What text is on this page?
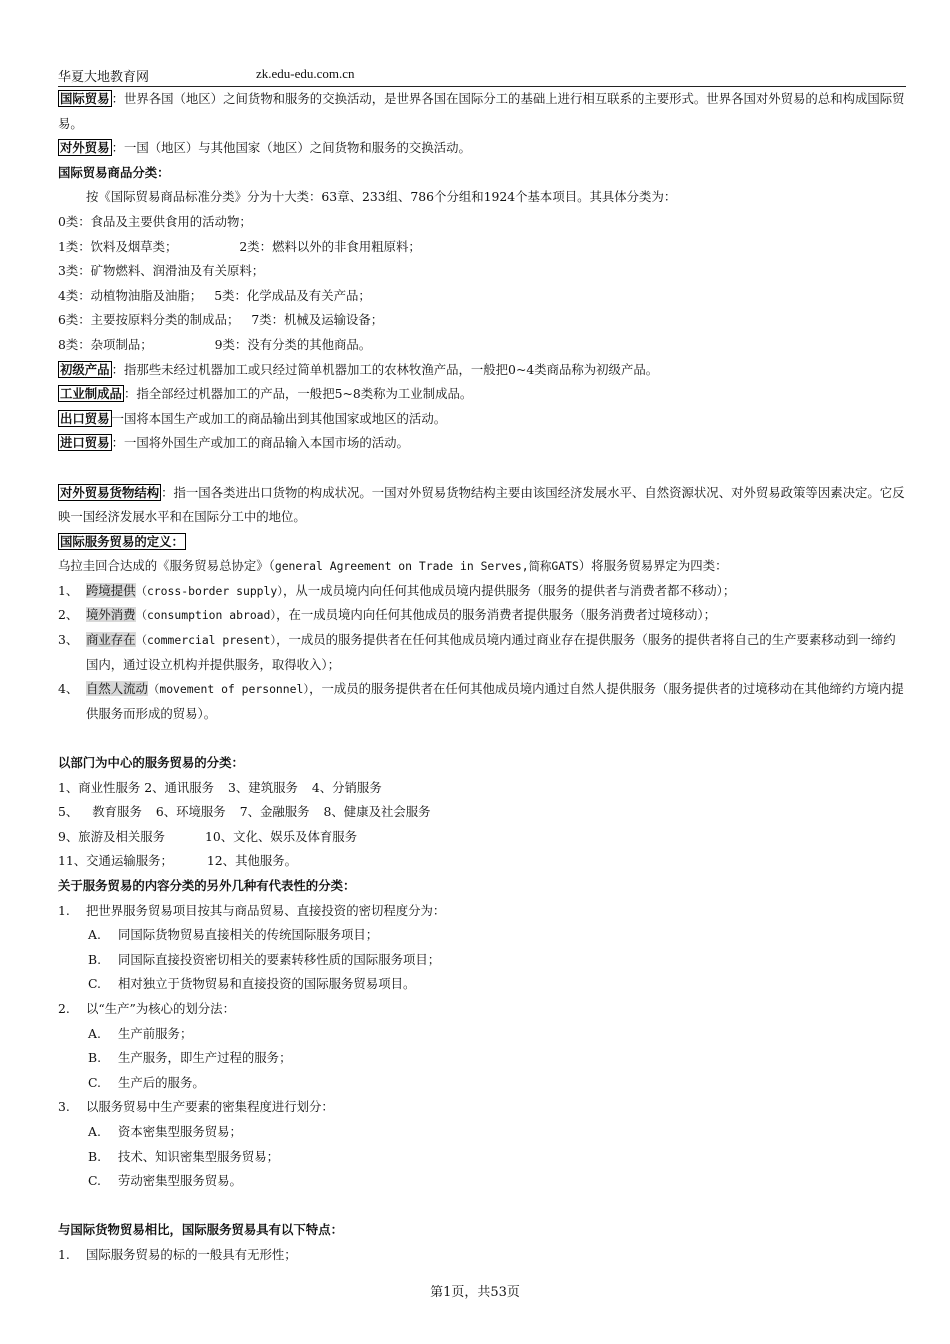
华夏大地教育网	zk.edu-edu.com.cn
国际贸易 ：世界各国（地区）之间货物和服务的交换活动，是世界各国在国际分工的基础上进行相互联系的主要形式。世界各国对外贸易的总和构成国际贸易。
对外贸易 ：一国（地区）与其他国家（地区）之间货物和服务的交换活动。
国际贸易商品分类：
按《国际贸易商品标准分类》分为十大类：63章、233组、786个分组和1924个基本项目。其具体分类为：
0类：食品及主要供食用的活动物；
1类：饮料及烟草类；	2类：燃料以外的非食用粗原料；
3类：矿物燃料、润滑油及有关原料；
4类：动植物油脂及油脂； 5类：化学成品及有关产品；
6类：主要按原料分类的制成品； 7类：机械及运输设备；
8类：杂项制品；	9类：没有分类的其他商品。
初级产品 ：指那些未经过机器加工或只经过简单机器加工的农林牧渔产品，一般把0~4类商品称为初级产品。
工业制成品 ：指全部经过机器加工的产品，一般把5~8类称为工业制成品。
出口贸易 一国将本国生产或加工的商品输出到其他国家或地区的活动。
进口贸易 ：一国将外国生产或加工的商品输入本国市场的活动。
对外贸易货物结构 ：指一国各类进出口货物的构成状况。一国对外贸易货物结构主要由该国经济发展水平、自然资源状况、对外贸易政策等因素决定。它反映一国经济发展水平和在国际分工中的地位。
国际服务贸易的定义：
乌拉圭回合达成的《服务贸易总协定》（general Agreement on Trade in Serves,简称GATS）将服务贸易界定为四类：
1、 跨境提供（cross-border supply），从一成员境内向任何其他成员境内提供服务（服务的提供者与消费者都不移动）；
2、 境外消费（consumption abroad），在一成员境内向任何其他成员的服务消费者提供服务（服务消费者过境移动）；
3、 商业存在（commercial present），一成员的服务提供者在任何其他成员境内通过商业存在提供服务（服务的提供者将自己的生产要素移动到一缔约国内，通过设立机构并提供服务，取得收入）；
4、 自然人流动（movement of personnel），一成员的服务提供者在任何其他成员境内通过自然人提供服务（服务提供者的过境移动在其他缔约方境内提供服务而形成的贸易）。
以部门为中心的服务贸易的分类：
1、商业性服务 2、通讯服务 3、建筑服务 4、分销服务
5、 教育服务 6、环境服务 7、金融服务 8、健康及社会服务
9、旅游及相关服务	10、文化、娱乐及体育服务
11、交通运输服务；	12、其他服务。
关于服务贸易的内容分类的另外几种有代表性的分类：
1.	把世界服务贸易项目按其与商品贸易、直接投资的密切程度分为：
A. 同国际货物贸易直接相关的传统国际服务项目；
B. 同国际直接投资密切相关的要素转移性质的国际服务项目；
C. 相对独立于货物贸易和直接投资的国际服务贸易项目。
2.	以“生产”为核心的划分法：
A. 生产前服务；
B. 生产服务，即生产过程的服务；
C. 生产后的服务。
3.	以服务贸易中生产要素的密集程度进行划分：
A. 资本密集型服务贸易；
B. 技术、知识密集型服务贸易；
C. 劳动密集型服务贸易。
与国际货物贸易相比，国际服务贸易具有以下特点：
1.	国际服务贸易的标的一般具有无形性；
第1页，共53页
